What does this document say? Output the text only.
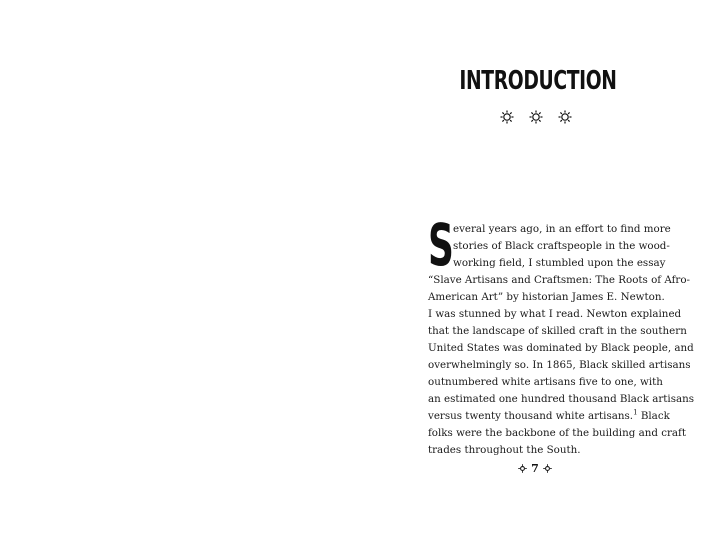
INTRODUCTION
S everal years ago, in an effort to find more
stories of Black craftspeople in the wood-
working field, I stumbled upon the essay
“Slave Artisans and Craftsmen: The Roots of Afro-
American Art” by historian James E. Newton.
I was stunned by what I read. Newton explained
that the landscape of skilled craft in the southern
United States was dominated by Black people, and
overwhelmingly so. In 1865, Black skilled artisans
outnumbered white artisans five to one, with
an estimated one hundred thousand Black artisans
versus twenty thousand white artisans.$^1$ Black
folks were the backbone of the building and craft
trades throughout the South.
7
